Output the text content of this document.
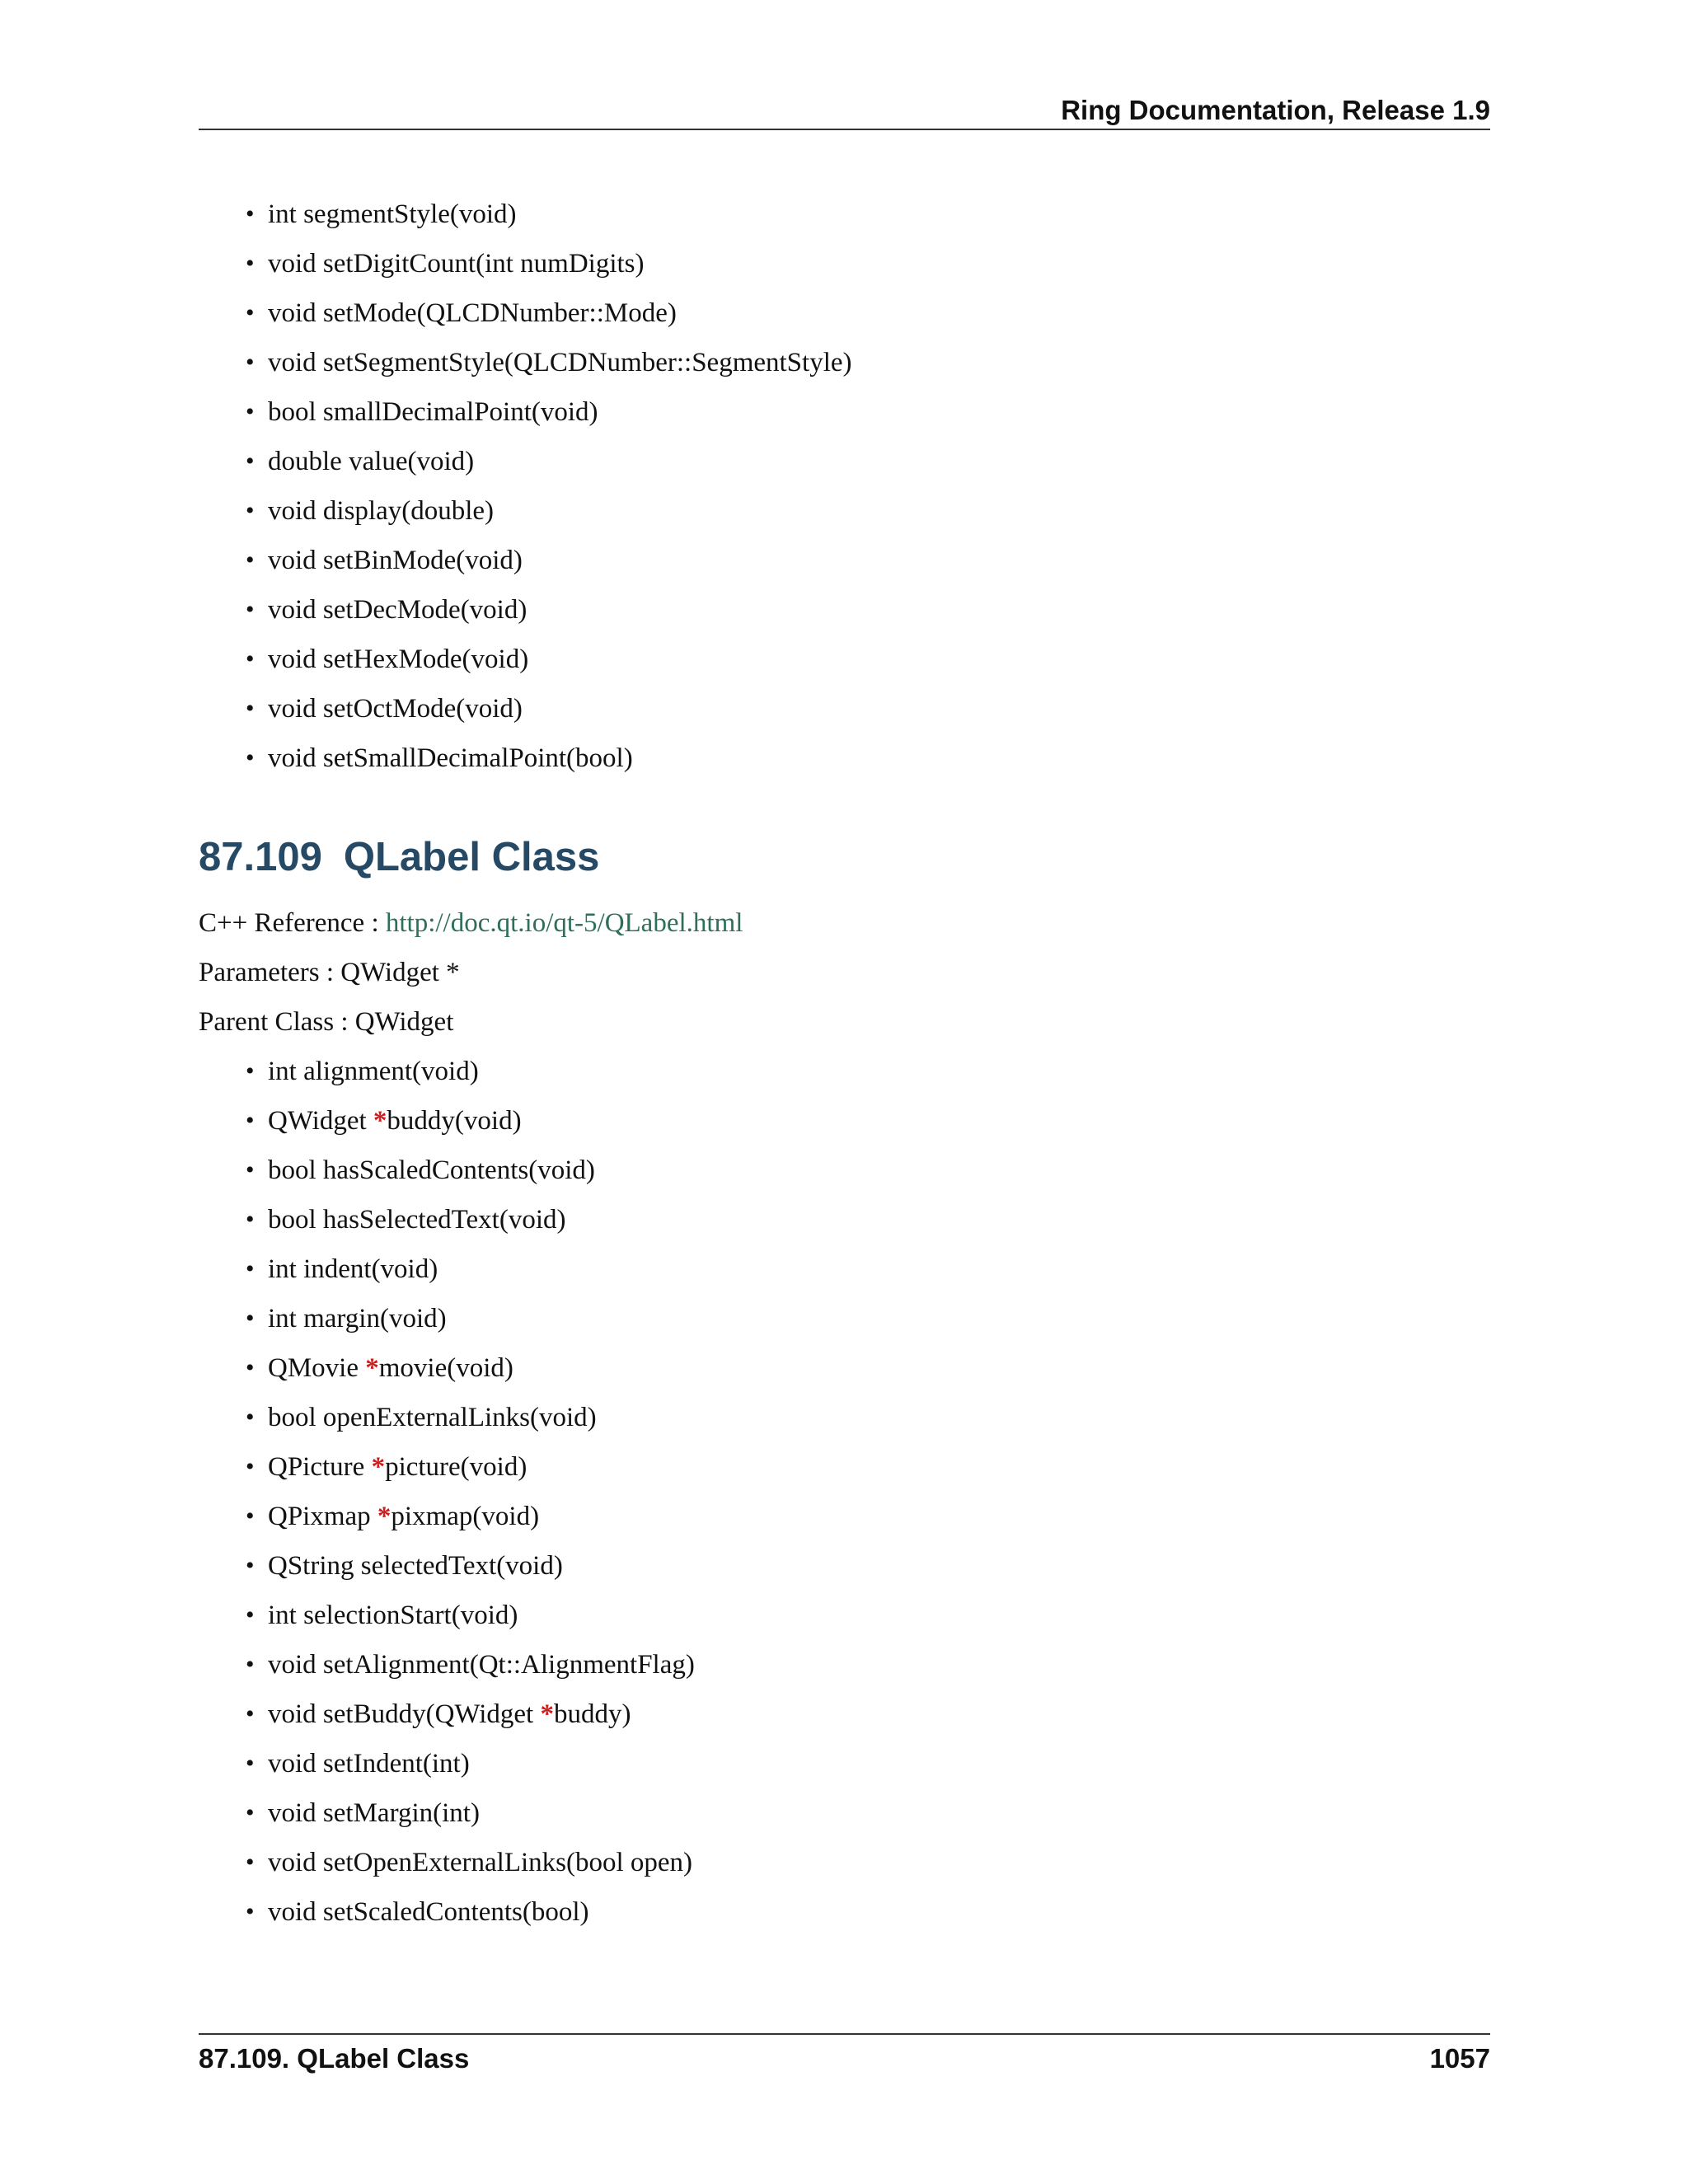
Ring Documentation, Release 1.9
• int segmentStyle(void)
• void setDigitCount(int numDigits)
• void setMode(QLCDNumber::Mode)
• void setSegmentStyle(QLCDNumber::SegmentStyle)
• bool smallDecimalPoint(void)
• double value(void)
• void display(double)
• void setBinMode(void)
• void setDecMode(void)
• void setHexMode(void)
• void setOctMode(void)
• void setSmallDecimalPoint(bool)
87.109 QLabel Class
C++ Reference : http://doc.qt.io/qt-5/QLabel.html
Parameters : QWidget *
Parent Class : QWidget
• int alignment(void)
• QWidget *buddy(void)
• bool hasScaledContents(void)
• bool hasSelectedText(void)
• int indent(void)
• int margin(void)
• QMovie *movie(void)
• bool openExternalLinks(void)
• QPicture *picture(void)
• QPixmap *pixmap(void)
• QString selectedText(void)
• int selectionStart(void)
• void setAlignment(Qt::AlignmentFlag)
• void setBuddy(QWidget *buddy)
• void setIndent(int)
• void setMargin(int)
• void setOpenExternalLinks(bool open)
• void setScaledContents(bool)
87.109. QLabel Class	1057
